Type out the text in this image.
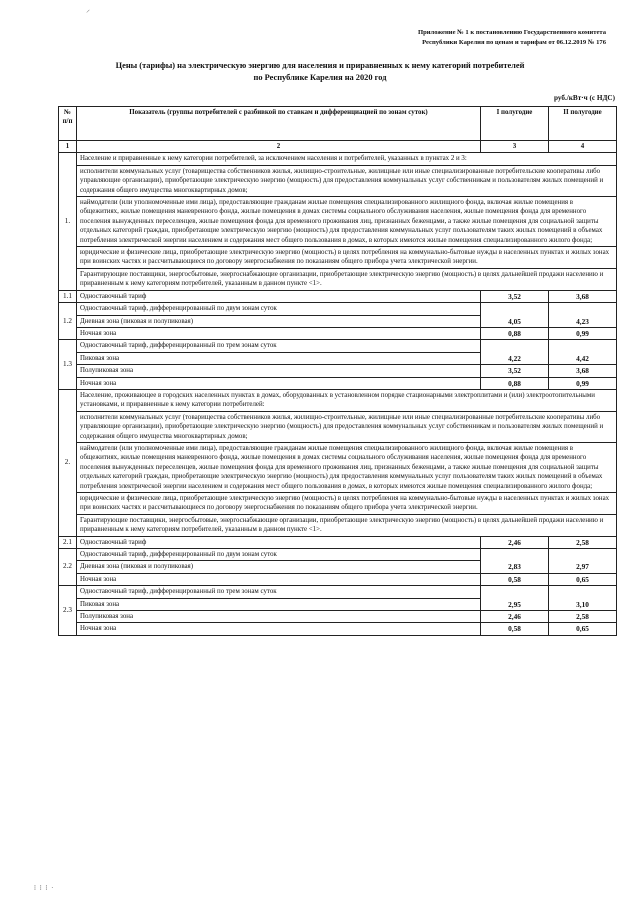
⸝
Приложение № 1 к постановлению Государственного комитета
Республики Карелия по ценам и тарифам от 06.12.2019 № 176
Цены (тарифы) на электрическую энергию для населения и приравненных к нему категорий потребителей
по Республике Карелия на 2020 год
руб./кВт·ч (с НДС)
№ п/п	Показатель (группы потребителей с разбивкой по ставкам и дифференциацией по зонам суток)	I полугодие	II полугодие
1	2	3	4
1.	Население и приравненные к нему категории потребителей, за исключением населения и потребителей, указанных в пунктах 2 и 3:		
	исполнители коммунальных услуг (товарищества собственников жилья, жилищно-строительные, жилищные или иные специализированные потребительские кооперативы либо управляющие организации), приобретающие электрическую энергию (мощность) для предоставления коммунальных услуг собственникам и пользователям жилых помещений и содержания общего имущества многоквартирных домов;		
	наймодатели (или уполномоченные ими лица), предоставляющие гражданам жилые помещения специализированного жилищного фонда, включая жилые помещения в общежитиях, жилые помещения маневренного фонда, жилые помещения в домах системы социального обслуживания населения, жилые помещения фонда для временного поселения вынужденных переселенцев, жилые помещения фонда для временного проживания лиц, признанных беженцами, а также жилые помещения для социальной защиты отдельных категорий граждан, приобретающие электрическую энергию (мощность) для предоставления коммунальных услуг пользователям таких жилых помещений в объемах потребления электрической энергии населением и содержания мест общего пользования в домах, в которых имеются жилые помещения специализированного жилого фонда;		
	юридические и физические лица, приобретающие электрическую энергию (мощность) в целях потребления на коммунально-бытовые нужды в населенных пунктах и жилых зонах при воинских частях и рассчитывающиеся по договору энергоснабжения по показаниям общего прибора учета электрической энергии.		
	Гарантирующие поставщики, энергосбытовые, энергоснабжающие организации, приобретающие электрическую энергию (мощность) в целях дальнейшей продажи населению и приравненным к нему категориям потребителей, указанным в данном пункте <1>.		
1.1	Одноставочный тариф	3,52	3,68
1.2	Одноставочный тариф, дифференцированный по двум зонам суток	4,05	4,23
	Дневная зона (пиковая и полупиковая)		
	Ночная зона	0,88	0,99
1.3	Одноставочный тариф, дифференцированный по трем зонам суток	4,22	4,42
	Пиковая зона		
	Полупиковая зона	3,52	3,68
	Ночная зона	0,88	0,99
2.	Население, проживающее в городских населенных пунктах в домах, оборудованных в установленном порядке стационарными электроплитами и (или) электроотопительными установками, и приравненные к нему категории потребителей:		
	исполнители коммунальных услуг (товарищества собственников жилья, жилищно-строительные, жилищные или иные специализированные потребительские кооперативы либо управляющие организации), приобретающие электрическую энергию (мощность) для предоставления коммунальных услуг собственникам и пользователям жилых помещений и содержания общего имущества многоквартирных домов;		
	наймодатели (или уполномоченные ими лица), предоставляющие гражданам жилые помещения специализированного жилищного фонда, включая жилые помещения в общежитиях, жилые помещения маневренного фонда, жилые помещения в домах системы социального обслуживания населения, жилые помещения фонда для временного поселения вынужденных переселенцев, жилые помещения фонда для временного проживания лиц, признанных беженцами, а также жилые помещения для социальной защиты отдельных категорий граждан, приобретающие электрическую энергию (мощность) для предоставления коммунальных услуг пользователям таких жилых помещений в объемах потребления электрической энергии населением и содержания мест общего пользования в домах, в которых имеются жилые помещения специализированного жилого фонда;		
	юридические и физические лица, приобретающие электрическую энергию (мощность) в целях потребления на коммунально-бытовые нужды в населенных пунктах и жилых зонах при воинских частях и рассчитывающиеся по договору энергоснабжения по показаниям общего прибора учета электрической энергии.		
	Гарантирующие поставщики, энергосбытовые, энергоснабжающие организации, приобретающие электрическую энергию (мощность) в целях дальнейшей продажи населению и приравненным к нему категориям потребителей, указанным в данном пункте <1>.		
2.1	Одноставочный тариф	2,46	2,58
2.2	Одноставочный тариф, дифференцированный по двум зонам суток	2,83	2,97
	Дневная зона (пиковая и полупиковая)		
	Ночная зона	0,58	0,65
2.3	Одноставочный тариф, дифференцированный по трем зонам суток	2,95	3,10
	Пиковая зона		
	Полупиковая зона	2,46	2,58
	Ночная зона	0,58	0,65
⁞ ⁞ ⁞ ·
